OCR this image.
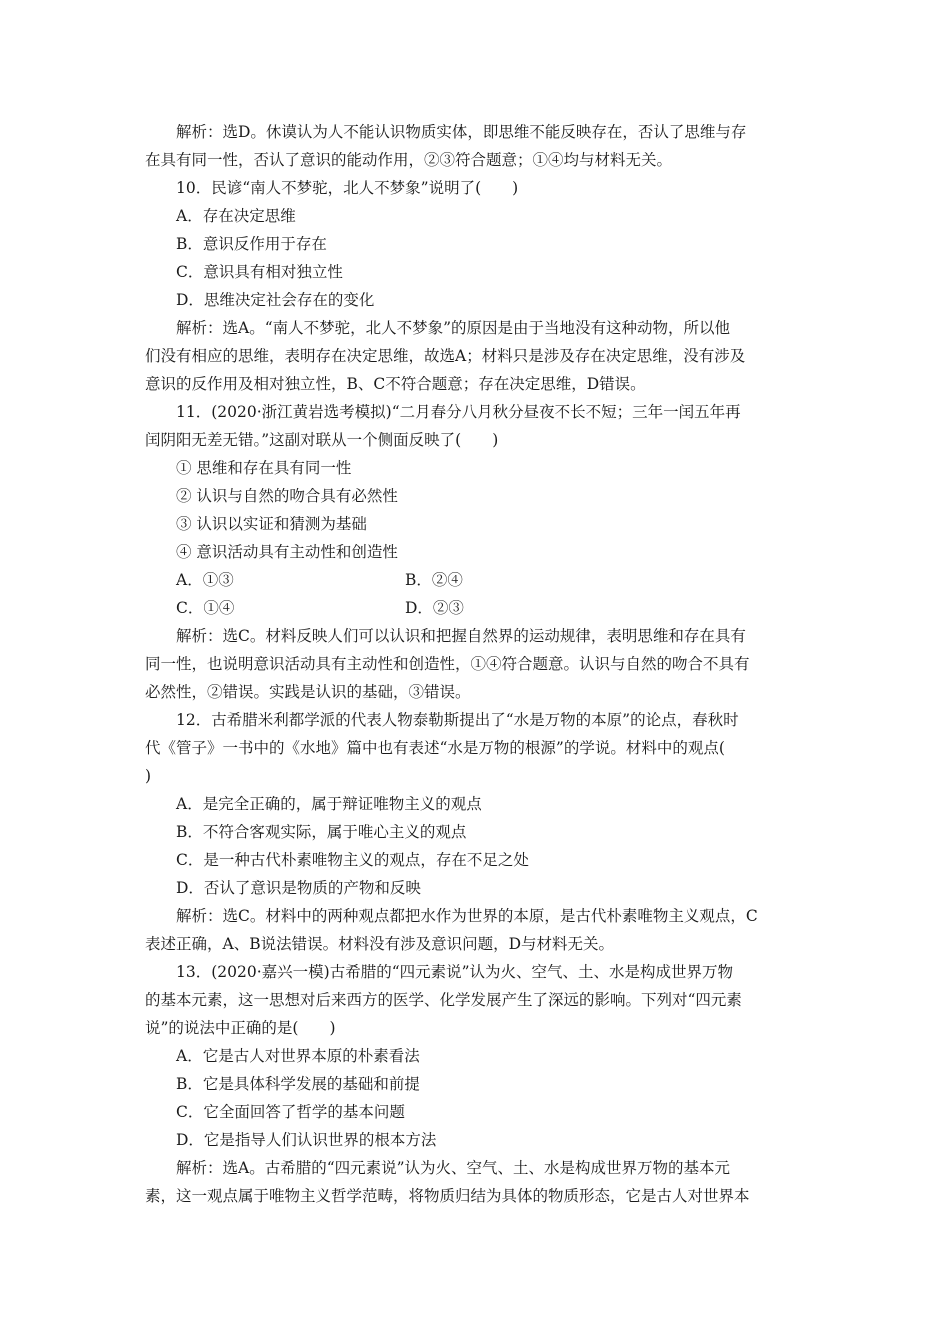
解析：选D。休谟认为人不能认识物质实体，即思维不能反映存在，否认了思维与存
在具有同一性，否认了意识的能动作用，②③符合题意；①④均与材料无关。
10．民谚“南人不梦驼，北人不梦象”说明了(　　)
A．存在决定思维
B．意识反作用于存在
C．意识具有相对独立性
D．思维决定社会存在的变化
解析：选A。“南人不梦驼，北人不梦象”的原因是由于当地没有这种动物，所以他
们没有相应的思维，表明存在决定思维，故选A；材料只是涉及存在决定思维，没有涉及
意识的反作用及相对独立性，B、C不符合题意；存在决定思维，D错误。
11．(2020·浙江黄岩选考模拟)“二月春分八月秋分昼夜不长不短；三年一闰五年再
闰阴阳无差无错。”这副对联从一个侧面反映了(　　)
① 思维和存在具有同一性
② 认识与自然的吻合具有必然性
③ 认识以实证和猜测为基础
④ 意识活动具有主动性和创造性
A．①③	B．②④
C．①④	D．②③
解析：选C。材料反映人们可以认识和把握自然界的运动规律，表明思维和存在具有
同一性，也说明意识活动具有主动性和创造性，①④符合题意。认识与自然的吻合不具有
必然性，②错误。实践是认识的基础，③错误。
12．古希腊米利都学派的代表人物泰勒斯提出了“水是万物的本原”的论点，春秋时
代《管子》一书中的《水地》篇中也有表述“水是万物的根源”的学说。材料中的观点(
)
A．是完全正确的，属于辩证唯物主义的观点
B．不符合客观实际，属于唯心主义的观点
C．是一种古代朴素唯物主义的观点，存在不足之处
D．否认了意识是物质的产物和反映
解析：选C。材料中的两种观点都把水作为世界的本原，是古代朴素唯物主义观点，C
表述正确，A、B说法错误。材料没有涉及意识问题，D与材料无关。
13．(2020·嘉兴一模)古希腊的“四元素说”认为火、空气、土、水是构成世界万物
的基本元素，这一思想对后来西方的医学、化学发展产生了深远的影响。下列对“四元素
说”的说法中正确的是(　　)
A．它是古人对世界本原的朴素看法
B．它是具体科学发展的基础和前提
C．它全面回答了哲学的基本问题
D．它是指导人们认识世界的根本方法
解析：选A。古希腊的“四元素说”认为火、空气、土、水是构成世界万物的基本元
素，这一观点属于唯物主义哲学范畴，将物质归结为具体的物质形态，它是古人对世界本
